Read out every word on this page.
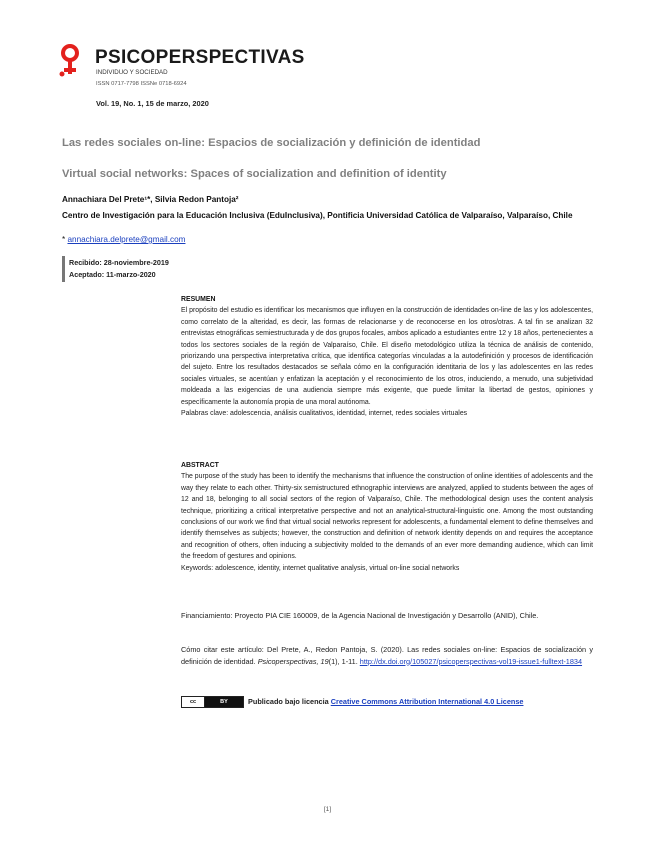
PSICOPERSPECTIVAS
INDIVIDUO Y SOCIEDAD
ISSN 0717-7798 ISSNe 0718-6924
Vol. 19, No. 1, 15 de marzo, 2020
Las redes sociales on-line: Espacios de socialización y definición de identidad
Virtual social networks: Spaces of socialization and definition of identity
Annachiara Del Prete¹*, Silvia Redon Pantoja²
Centro de Investigación para la Educación Inclusiva (EduInclusiva), Pontificia Universidad Católica de Valparaíso, Valparaíso, Chile
* annachiara.delprete@gmail.com
Recibido: 28-noviembre-2019
Aceptado: 11-marzo-2020
RESUMEN
El propósito del estudio es identificar los mecanismos que influyen en la construcción de identidades on-line de las y los adolescentes, como correlato de la alteridad, es decir, las formas de relacionarse y de reconocerse en los otros/otras. A tal fin se analizan 32 entrevistas etnográficas semiestructurada y de dos grupos focales, ambos aplicado a estudiantes entre 12 y 18 años, pertenecientes a todos los sectores sociales de la región de Valparaíso, Chile. El diseño metodológico utiliza la técnica de análisis de contenido, priorizando una perspectiva interpretativa crítica, que identifica categorías vinculadas a la autodefinición y procesos de identificación del sujeto. Entre los resultados destacados se señala cómo en la configuración identitaria de los y las adolescentes en las redes sociales virtuales, se acentúan y enfatizan la aceptación y el reconocimiento de los otros, induciendo, a menudo, una subjetividad moldeada a las exigencias de una audiencia siempre más exigente, que puede limitar la libertad de gestos, opiniones y específicamente la autonomía propia de una moral autónoma.
Palabras clave: adolescencia, análisis cualitativos, identidad, internet, redes sociales virtuales
ABSTRACT
The purpose of the study has been to identify the mechanisms that influence the construction of online identities of adolescents and the way they relate to each other. Thirty-six semistructured ethnographic interviews are analyzed, applied to students between the ages of 12 and 18, belonging to all social sectors of the region of Valparaíso, Chile. The methodological design uses the content analysis technique, prioritizing a critical interpretative perspective and not an analytical-structural-linguistic one. Among the most outstanding conclusions of our work we find that virtual social networks represent for adolescents, a fundamental element to define themselves and identify themselves as subjects; however, the construction and definition of network identity depends on and requires the acceptance and recognition of others, often inducing a subjectivity molded to the demands of an ever more demanding audience, which can limit the freedom of gestures and opinions.
Keywords: adolescence, identity, internet qualitative analysis, virtual on-line social networks
Financiamiento: Proyecto PIA CIE 160009, de la Agencia Nacional de Investigación y Desarrollo (ANID), Chile.
Cómo citar este artículo: Del Prete, A., Redon Pantoja, S. (2020). Las redes sociales on-line: Espacios de socialización y definición de identidad. Psicoperspectivas, 19(1), 1-11. http://dx.doi.org/105027/psicoperspectivas-vol19-issue1-fulltext-1834
cc	BY	Publicado bajo licencia Creative Commons Attribution International 4.0 License
[1]
